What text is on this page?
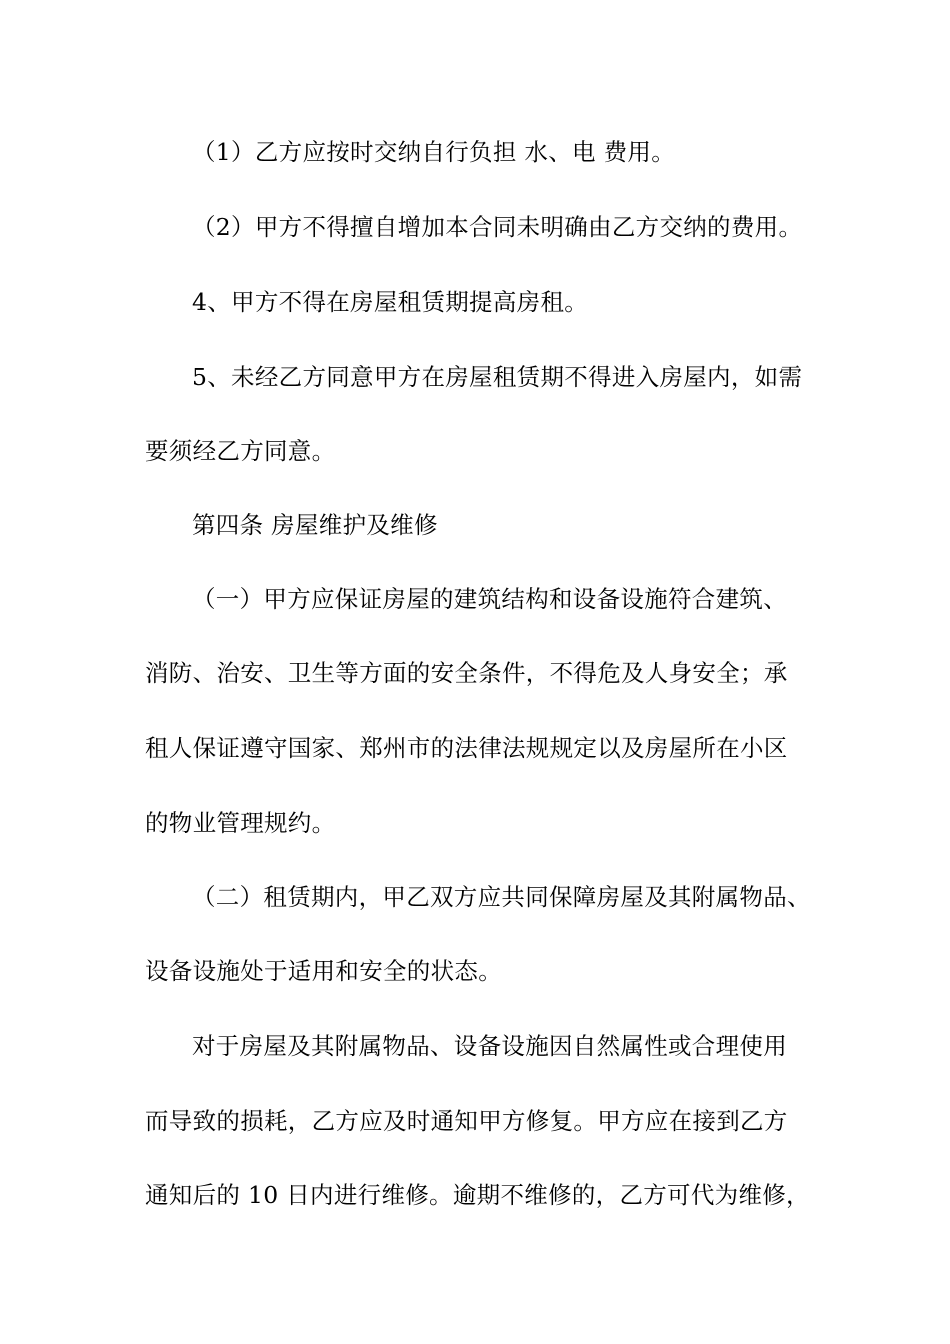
（1）乙方应按时交纳自行负担 水、电 费用。
（2）甲方不得擅自增加本合同未明确由乙方交纳的费用。
4、甲方不得在房屋租赁期提高房租。
5、未经乙方同意甲方在房屋租赁期不得进入房屋内，如需
要须经乙方同意。
第四条 房屋维护及维修
（一）甲方应保证房屋的建筑结构和设备设施符合建筑、
消防、治安、卫生等方面的安全条件，不得危及人身安全；承
租人保证遵守国家、郑州市的法律法规规定以及房屋所在小区
的物业管理规约。
（二）租赁期内，甲乙双方应共同保障房屋及其附属物品、
设备设施处于适用和安全的状态。
对于房屋及其附属物品、设备设施因自然属性或合理使用
而导致的损耗，乙方应及时通知甲方修复。甲方应在接到乙方
通知后的 10 日内进行维修。逾期不维修的，乙方可代为维修，
